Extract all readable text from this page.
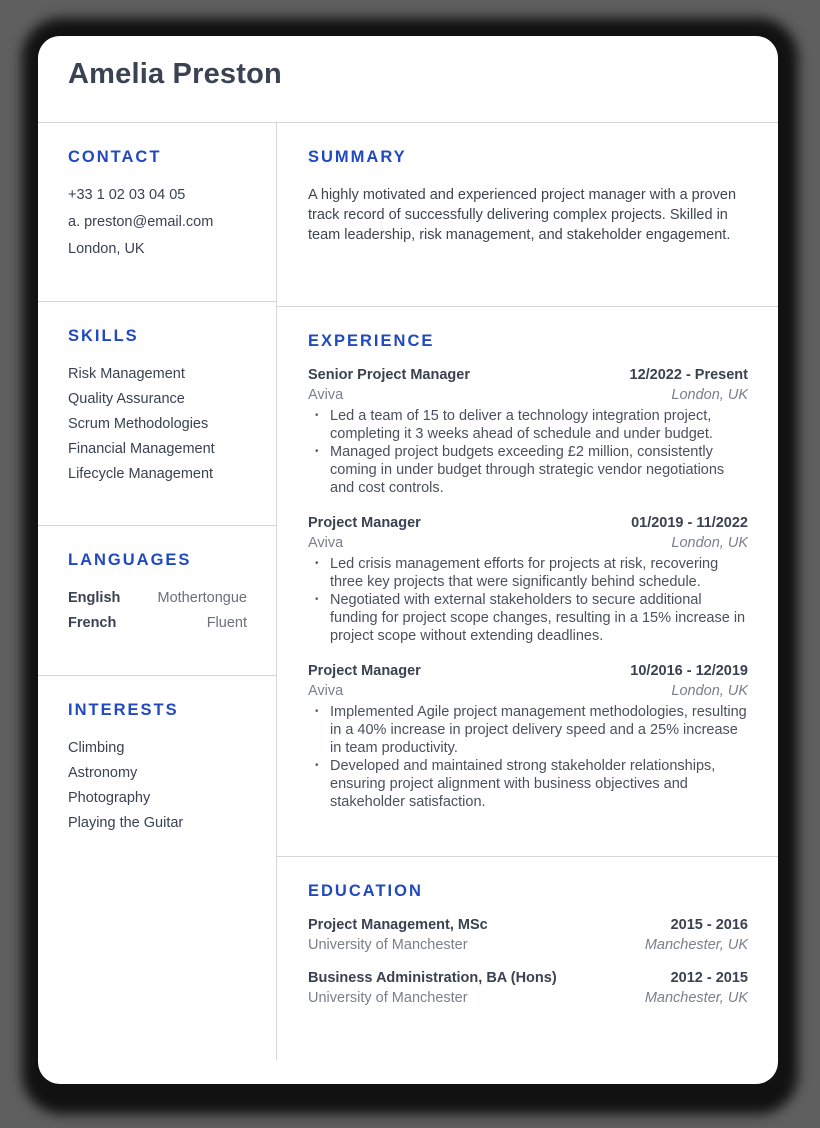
Amelia Preston
CONTACT
+33 1 02 03 04 05
a. preston@email.com
London, UK
SKILLS
Risk Management
Quality Assurance
Scrum Methodologies
Financial Management
Lifecycle Management
LANGUAGES
English	Mothertongue
French	Fluent
INTERESTS
Climbing
Astronomy
Photography
Playing the Guitar
SUMMARY
A highly motivated and experienced project manager with a proven track record of successfully delivering complex projects. Skilled in team leadership, risk management, and stakeholder engagement.
EXPERIENCE
Senior Project Manager	12/2022 - Present
Aviva	London, UK
• Led a team of 15 to deliver a technology integration project, completing it 3 weeks ahead of schedule and under budget.
• Managed project budgets exceeding £2 million, consistently coming in under budget through strategic vendor negotiations and cost controls.
Project Manager	01/2019 - 11/2022
Aviva	London, UK
• Led crisis management efforts for projects at risk, recovering three key projects that were significantly behind schedule.
• Negotiated with external stakeholders to secure additional funding for project scope changes, resulting in a 15% increase in project scope without extending deadlines.
Project Manager	10/2016 - 12/2019
Aviva	London, UK
• Implemented Agile project management methodologies, resulting in a 40% increase in project delivery speed and a 25% increase in team productivity.
• Developed and maintained strong stakeholder relationships, ensuring project alignment with business objectives and stakeholder satisfaction.
EDUCATION
Project Management, MSc	2015 - 2016
University of Manchester	Manchester, UK
Business Administration, BA (Hons)	2012 - 2015
University of Manchester	Manchester, UK
